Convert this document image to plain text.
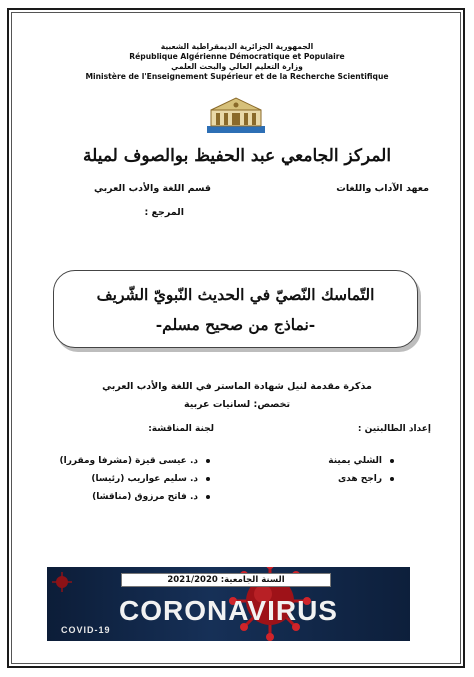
الجمهورية الجزائرية الديمقراطية الشعبية
République Algérienne Démocratique et Populaire
وزارة التعليم العالي والبحث العلمي
Ministère de l'Enseignement Supérieur et de la Recherche Scientifique
المركز الجامعي عبد الحفيظ بوالصوف لميلة
معهد الآداب واللغات
قسم اللغة والأدب العربي
المرجع :
التّماسك النّصيّ في الحديث النّبويّ الشّريف
-نماذج من صحيح مسلم-
مذكرة مقدمة لنيل شهادة الماستر في اللغة والأدب العربي
تخصص: لسانيات عربية
إعداد الطالبتين :
لجنة المناقشة:
الشلي يمينة
راجح هدى
د. عيسى قيزة (مشرفا ومقررا)
د. سليم عواريب (رئيسا)
د. فاتح مرزوق (مناقشا)
CORONAVIRUS
COVID-19
السنة الجامعية: 2021/2020
